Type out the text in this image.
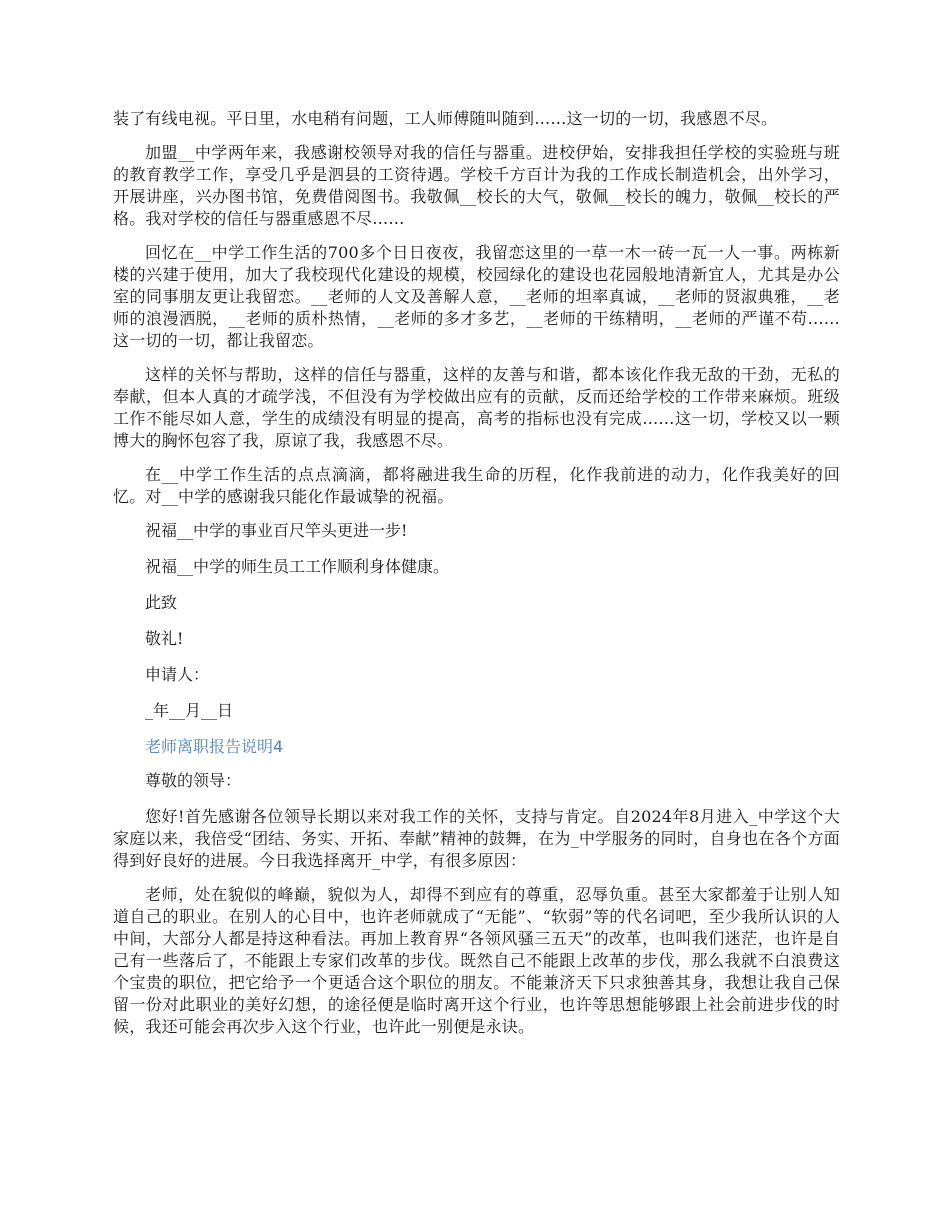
装了有线电视。平日里，水电稍有问题，工人师傅随叫随到……这一切的一切，我感恩不尽。

加盟__中学两年来，我感谢校领导对我的信任与器重。进校伊始，安排我担任学校的实验班与班的教育教学工作，享受几乎是泗县的工资待遇。学校千方百计为我的工作成长制造机会，出外学习，开展讲座，兴办图书馆，免费借阅图书。我敬佩__校长的大气，敬佩__校长的魄力，敬佩__校长的严格。我对学校的信任与器重感恩不尽……

回忆在__中学工作生活的700多个日日夜夜，我留恋这里的一草一木一砖一瓦一人一事。两栋新楼的兴建于使用，加大了我校现代化建设的规模，校园绿化的建设也花园般地清新宜人，尤其是办公室的同事朋友更让我留恋。__老师的人文及善解人意，__老师的坦率真诚，__老师的贤淑典雅，__老师的浪漫洒脱，__老师的质朴热情，__老师的多才多艺，__老师的干练精明，__老师的严谨不苟……这一切的一切，都让我留恋。

这样的关怀与帮助，这样的信任与器重，这样的友善与和谐，都本该化作我无敌的干劲，无私的奉献，但本人真的才疏学浅，不但没有为学校做出应有的贡献，反而还给学校的工作带来麻烦。班级工作不能尽如人意，学生的成绩没有明显的提高，高考的指标也没有完成……这一切，学校又以一颗博大的胸怀包容了我，原谅了我，我感恩不尽。

在__中学工作生活的点点滴滴，都将融进我生命的历程，化作我前进的动力，化作我美好的回忆。对__中学的感谢我只能化作最诚挚的祝福。

祝福__中学的事业百尺竿头更进一步!

祝福__中学的师生员工工作顺利身体健康。

此致

敬礼!

申请人：

_年__月__日

老师离职报告说明4

尊敬的领导：

您好!首先感谢各位领导长期以来对我工作的关怀，支持与肯定。自2024年8月进入_中学这个大家庭以来，我倍受“团结、务实、开拓、奉献”精神的鼓舞，在为_中学服务的同时，自身也在各个方面得到好良好的进展。今日我选择离开_中学，有很多原因：

老师，处在貌似的峰巅，貌似为人，却得不到应有的尊重，忍辱负重。甚至大家都羞于让别人知道自己的职业。在别人的心目中，也许老师就成了“无能”、“软弱”等的代名词吧，至少我所认识的人中间，大部分人都是持这种看法。再加上教育界“各领风骚三五天”的改革，也叫我们迷茫，也许是自己有一些落后了，不能跟上专家们改革的步伐。既然自己不能跟上改革的步伐，那么我就不白浪费这个宝贵的职位，把它给予一个更适合这个职位的朋友。不能兼济天下只求独善其身，我想让我自己保留一份对此职业的美好幻想，的途径便是临时离开这个行业，也许等思想能够跟上社会前进步伐的时候，我还可能会再次步入这个行业，也许此一别便是永诀。
